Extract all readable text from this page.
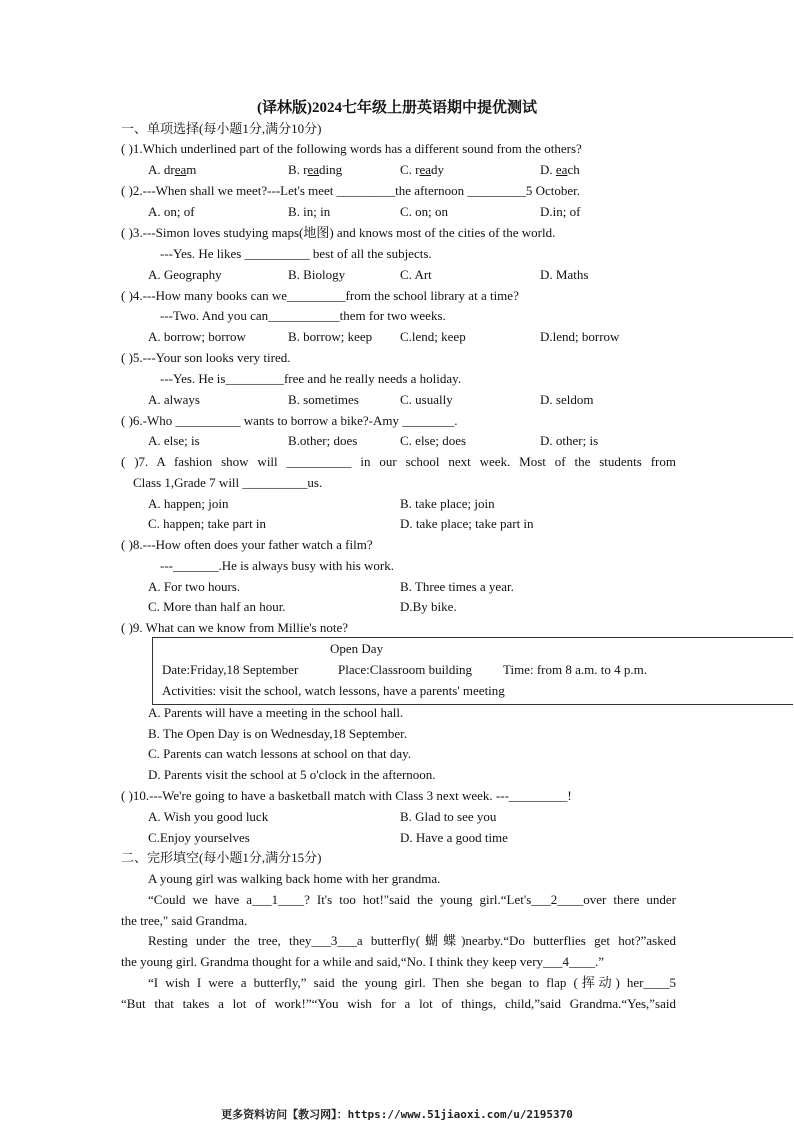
(译林版)2024七年级上册英语期中提优测试
一、单项选择(每小题1分,满分10分)
( )1.Which underlined part of the following words has a different sound from the others?
A. dream	B. reading	C. ready	D. each
( )2.---When shall we meet?---Let's meet _________the afternoon _________5 October.
A. on; of	B. in; in	C. on; on	D.in; of
( )3.---Simon loves studying maps(地图) and knows most of the cities of the world.
---Yes. He likes __________ best of all the subjects.
A. Geography	B. Biology	C. Art	D. Maths
( )4.---How many books can we_________from the school library at a time?
---Two. And you can___________them for two weeks.
A. borrow; borrow	B. borrow; keep C.lend; keep	D.lend; borrow
( )5.---Your son looks very tired.
---Yes. He is_________free and he really needs a holiday.
A. always	B. sometimes	C. usually	D. seldom
( )6.-Who __________ wants to borrow a bike?-Amy ________.
A. else; is	B.other; does	C. else; does	D. other; is
( )7. A fashion show will __________ in our school next week. Most of the students from
Class 1,Grade 7 will __________us.
A. happen; join	B. take place; join
C. happen; take part in	D. take place; take part in
( )8.---How often does your father watch a film?
---_______.He is always busy with his work.
A. For two hours.	B. Three times a year.
C. More than half an hour.	D.By bike.
( )9. What can we know from Millie's note?
Open Day
Date:Friday,18 September	Place:Classroom building Time: from 8 a.m. to 4 p.m.
Activities: visit the school, watch lessons, have a parents' meeting
A. Parents will have a meeting in the school hall.
B. The Open Day is on Wednesday,18 September.
C. Parents can watch lessons at school on that day.
D. Parents visit the school at 5 o'clock in the afternoon.
( )10.---We're going to have a basketball match with Class 3 next week. ---_________!
A. Wish you good luck	B. Glad to see you
C.Enjoy yourselves	D. Have a good time
二、完形填空(每小题1分,满分15分)
A young girl was walking back home with her grandma.
“Could we have a___1____? It's too hot!"said the young girl.“Let's___2____over there under
the tree," said Grandma.
Resting under the tree, they___3___a butterfly(蝴蝶)nearby.“Do butterflies get hot?”asked
the young girl. Grandma thought for a while and said,“No. I think they keep very___4____.”
“I wish I were a butterfly,” said the young girl. Then she began to flap (挥动) her____5
“But that takes a lot of work!”“You wish for a lot of things, child,”said Grandma.“Yes,”said
更多资料访问【教习网】：https://www.51jiaoxi.com/u/2195370
